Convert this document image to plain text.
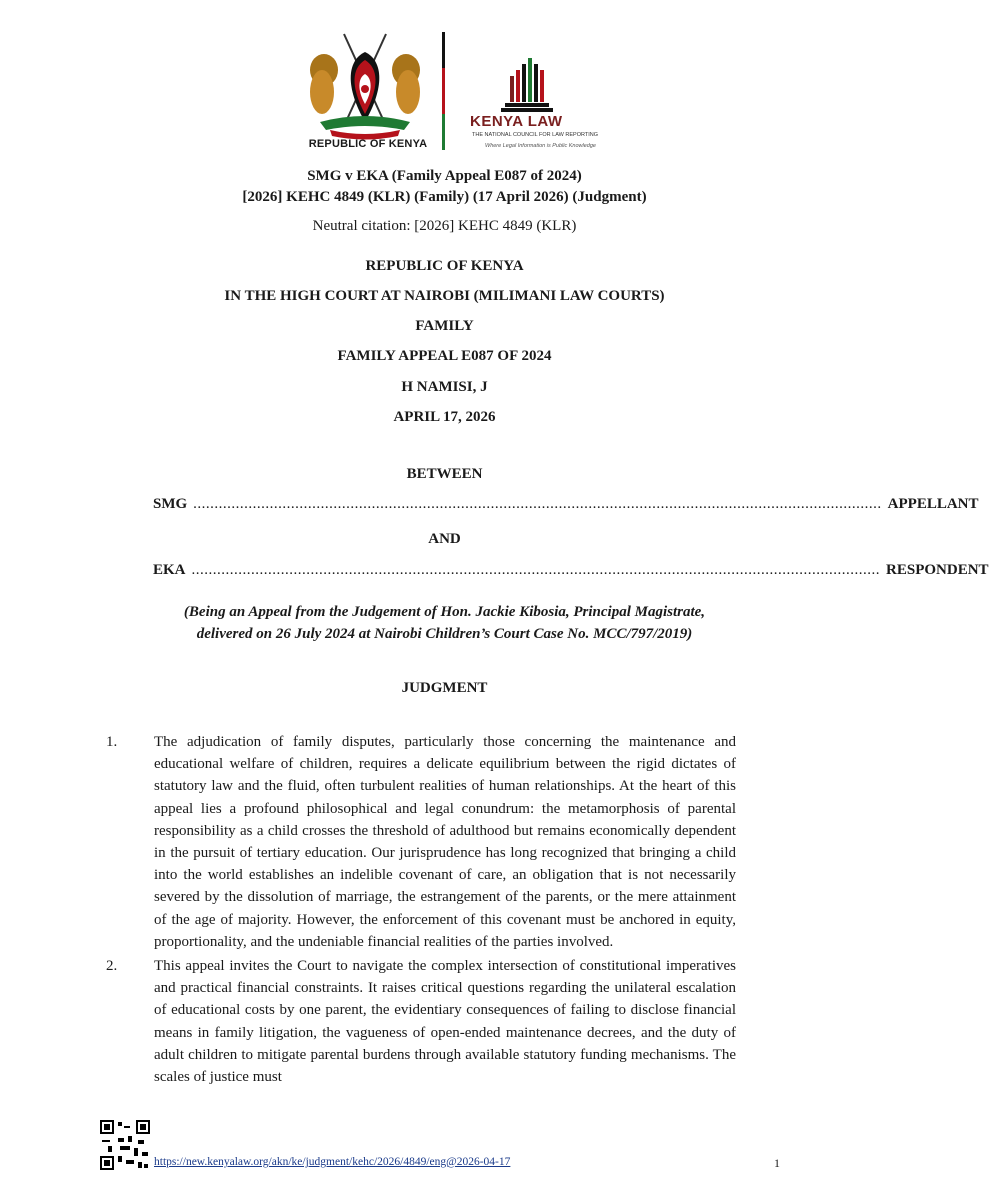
REPUBLIC OF KENYA
KENYA LAW
THE NATIONAL COUNCIL FOR LAW REPORTING
Where Legal Information is Public Knowledge
SMG v EKA (Family Appeal E087 of 2024)
[2026] KEHC 4849 (KLR) (Family) (17 April 2026) (Judgment)
Neutral citation: [2026] KEHC 4849 (KLR)
REPUBLIC OF KENYA
IN THE HIGH COURT AT NAIROBI (MILIMANI LAW COURTS)
FAMILY
FAMILY APPEAL E087 OF 2024
H NAMISI, J
APRIL 17, 2026
BETWEEN
SMG .................................................................................................................................................................. APPELLANT
AND
EKA .................................................................................................................................................................. RESPONDENT
(Being an Appeal from the Judgement of Hon. Jackie Kibosia, Principal Magistrate,
delivered on 26 July 2024 at Nairobi Children’s Court Case No. MCC/797/2019)
JUDGMENT
1.	The adjudication of family disputes, particularly those concerning the maintenance and educational welfare of children, requires a delicate equilibrium between the rigid dictates of statutory law and the fluid, often turbulent realities of human relationships. At the heart of this appeal lies a profound philosophical and legal conundrum: the metamorphosis of parental responsibility as a child crosses the threshold of adulthood but remains economically dependent in the pursuit of tertiary education. Our jurisprudence has long recognized that bringing a child into the world establishes an indelible covenant of care, an obligation that is not necessarily severed by the dissolution of marriage, the estrangement of the parents, or the mere attainment of the age of majority. However, the enforcement of this covenant must be anchored in equity, proportionality, and the undeniable financial realities of the parties involved.
2.	This appeal invites the Court to navigate the complex intersection of constitutional imperatives and practical financial constraints. It raises critical questions regarding the unilateral escalation of educational costs by one parent, the evidentiary consequences of failing to disclose financial means in family litigation, the vagueness of open-ended maintenance decrees, and the duty of adult children to mitigate parental burdens through available statutory funding mechanisms. The scales of justice must
https://new.kenyalaw.org/akn/ke/judgment/kehc/2026/4849/eng@2026-04-17	1
